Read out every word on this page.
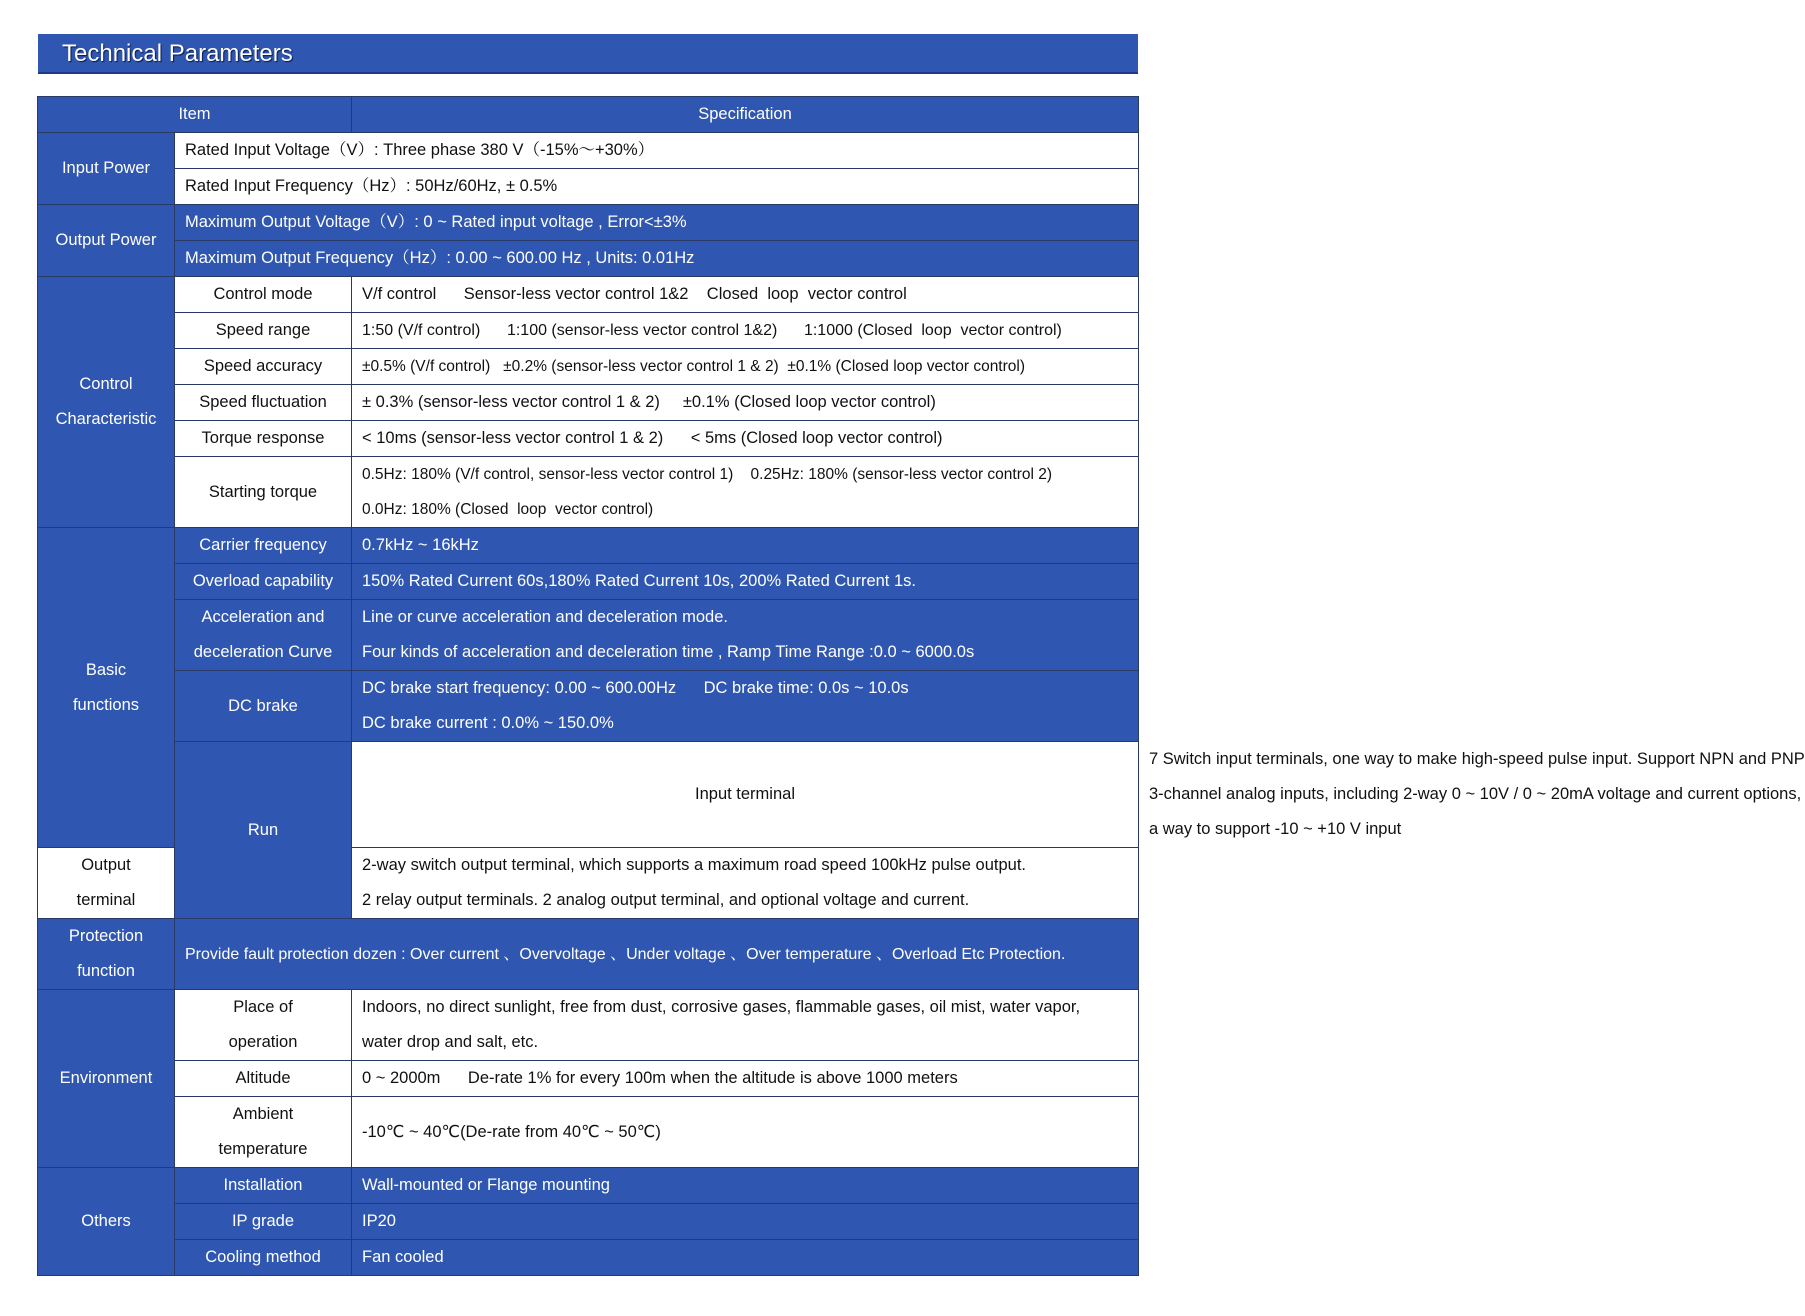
Technical Parameters
Item		Specification	
Input Power	Rated Input Voltage（V）: Three phase 380 V（-15%～+30%）		
	Rated Input Frequency（Hz）: 50Hz/60Hz, ± 0.5%		
Output Power	Maximum Output Voltage（V）: 0 ~ Rated input voltage , Error<±3%		
	Maximum Output Frequency（Hz）: 0.00 ~ 600.00 Hz , Units: 0.01Hz		

Control
Characteristic	Control mode	V/f control      Sensor-less vector control 1&2    Closed  loop  vector control	
	Speed range	1:50 (V/f control)      1:100 (sensor-less vector control 1&2)      1:1000 (Closed  loop  vector control)	
	Speed accuracy	±0.5% (V/f control)   ±0.2% (sensor-less vector control 1 & 2)  ±0.1% (Closed loop vector control)	
	Speed fluctuation	± 0.3% (sensor-less vector control 1 & 2)     ±0.1% (Closed loop vector control)	
	Torque response	< 10ms (sensor-less vector control 1 & 2)      < 5ms (Closed loop vector control)	
	Starting torque	0.5Hz: 180% (V/f control, sensor-less vector control 1)    0.25Hz: 180% (sensor-less vector control 2)
0.0Hz: 180% (Closed  loop  vector control)	

Basic
functions	Carrier frequency	0.7kHz ~ 16kHz	
	Overload capability	150% Rated Current 60s,180% Rated Current 10s, 200% Rated Current 1s.	

	Acceleration and
deceleration Curve	Line or curve acceleration and deceleration mode.
Four kinds of acceleration and deceleration time , Ramp Time Range :0.0 ~ 6000.0s	

	DC brake	DC brake start frequency: 0.00 ~ 600.00Hz      DC brake time: 0.0s ~ 10.0s
DC brake current : 0.0% ~ 150.0%	

	Run	Input terminal	7 Switch input terminals, one way to make high-speed pulse input. Support NPN and PNP
3-channel analog inputs, including 2-way 0 ~ 10V / 0 ~ 20mA voltage and current options,
a way to support -10 ~ +10 V input

Output
terminal		2-way switch output terminal, which supports a maximum road speed 100kHz pulse output.
2 relay output terminals. 2 analog output terminal, and optional voltage and current.	

Protection
function	Provide fault protection dozen : Over current 、Overvoltage 、Under voltage 、Over temperature 、Overload Etc Protection.		
Environment	Place of
operation	Indoors, no direct sunlight, free from dust, corrosive gases, flammable gases, oil mist, water vapor,
water drop and salt, etc.	

	Altitude	0 ~ 2000m      De-rate 1% for every 100m when the altitude is above 1000 meters	

	Ambient
temperature	-10℃ ~ 40℃(De-rate from 40℃ ~ 50℃)	
Others	Installation	Wall-mounted or Flange mounting	
	IP grade	IP20	
	Cooling method	Fan cooled	
